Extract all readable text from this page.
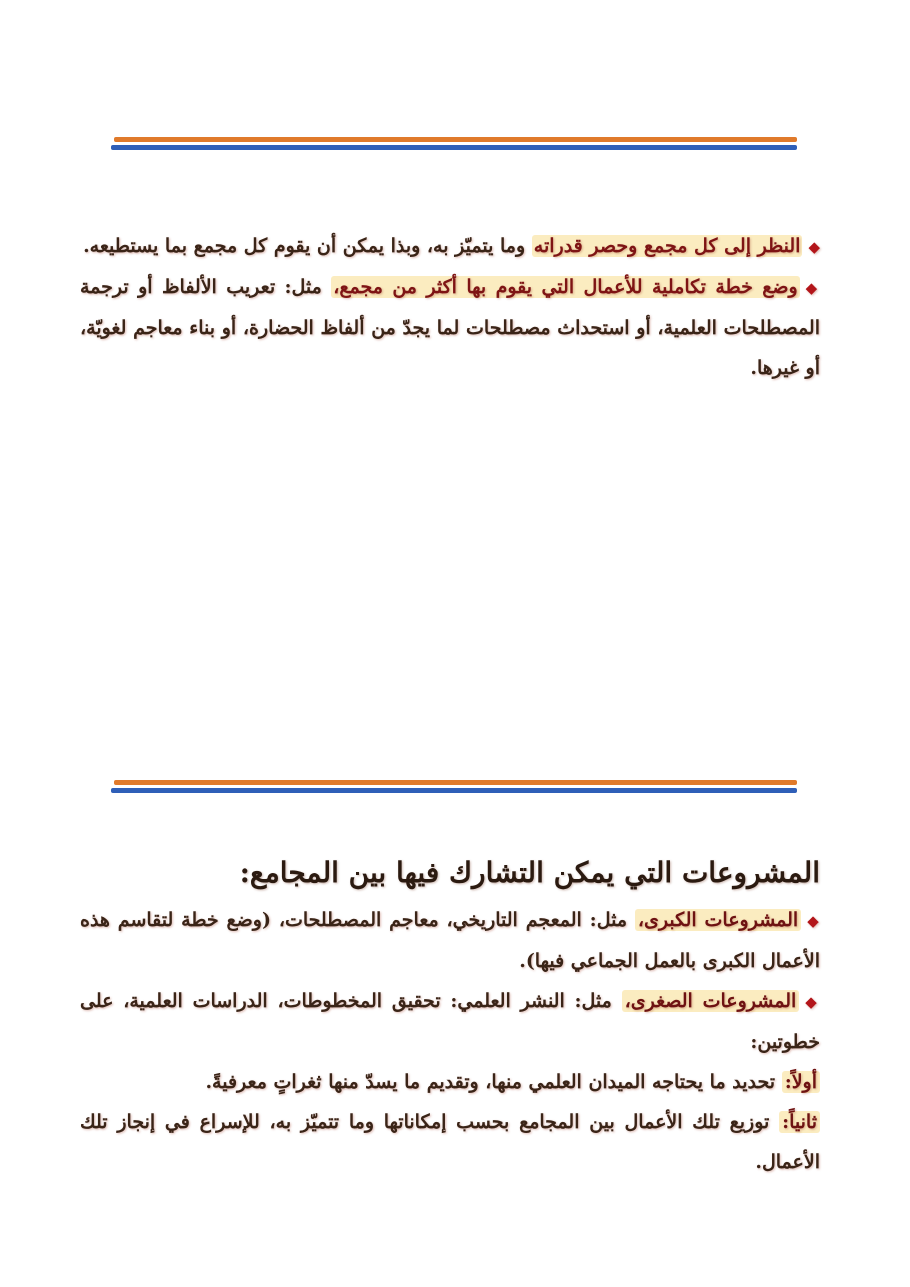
◆النظر إلى كل مجمع وحصر قدراته وما يتميّز به، وبذا يمكن أن يقوم كل مجمع بما يستطيعه.

◆وضع خطة تكاملية للأعمال التي يقوم بها أكثر من مجمع، مثل: تعريب الألفاظ أو ترجمة المصطلحات العلمية، أو استحداث مصطلحات لما يجدّ من ألفاظ الحضارة، أو بناء معاجم لغويّة، أو غيرها.

المشروعات التي يمكن التشارك فيها بين المجامع:

◆المشروعات الكبرى، مثل: المعجم التاريخي، معاجم المصطلحات، (وضع خطة لتقاسم هذه الأعمال الكبرى بالعمل الجماعي فيها).

◆المشروعات الصغرى، مثل: النشر العلمي: تحقيق المخطوطات، الدراسات العلمية، على خطوتين:

أولاً: تحديد ما يحتاجه الميدان العلمي منها، وتقديم ما يسدّ منها ثغراتٍ معرفيةً.

ثانياً: توزيع تلك الأعمال بين المجامع بحسب إمكاناتها وما تتميّز به، للإسراع في إنجاز تلك الأعمال.
